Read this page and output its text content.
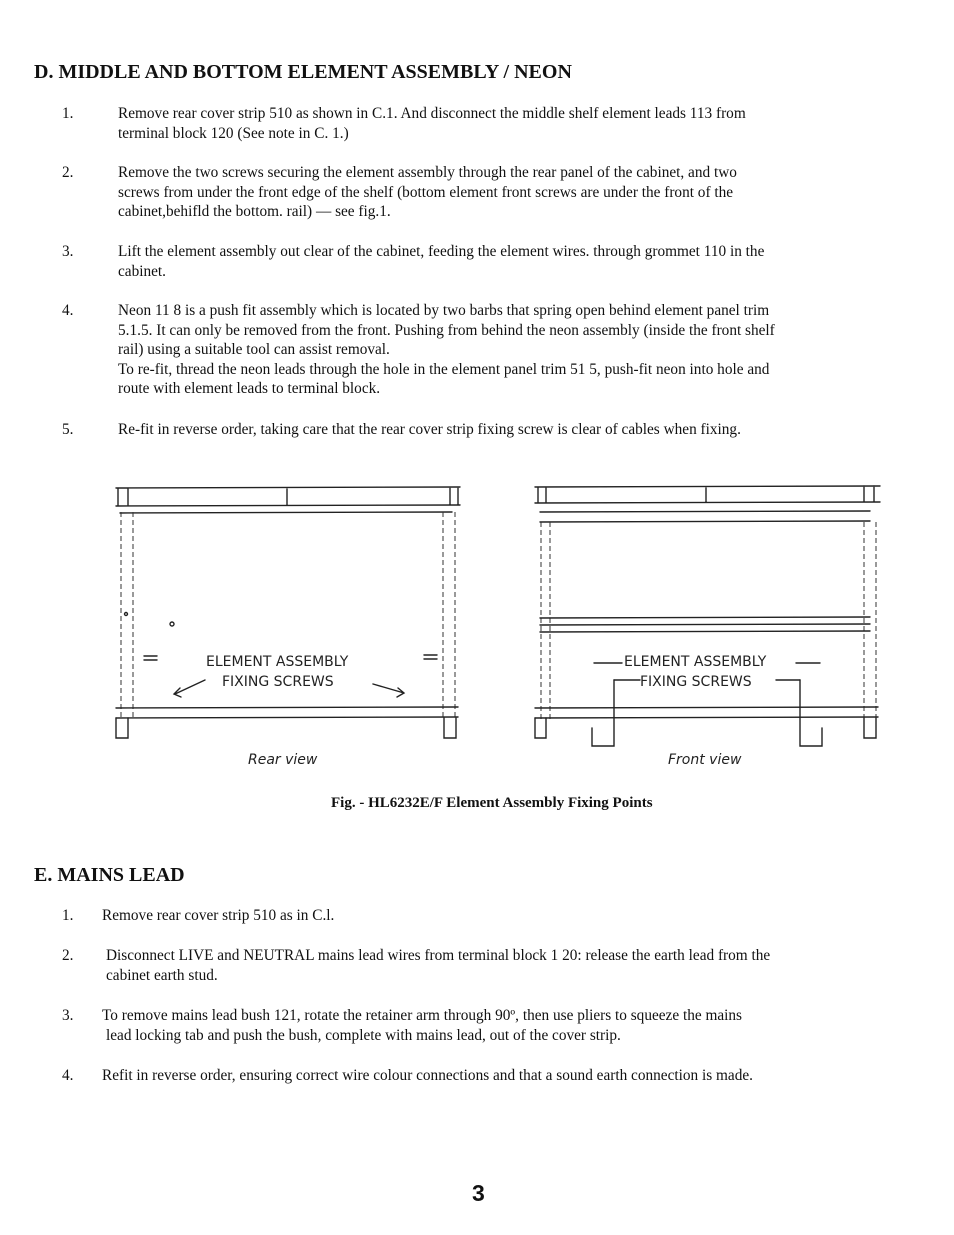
D. MIDDLE AND BOTTOM ELEMENT ASSEMBLY / NEON
1.	Remove rear cover strip 510 as shown in C.1. And disconnect the middle shelf element leads 113 from
terminal block 120 (See note in C. 1.)
2.	Remove the two screws securing the element assembly through the rear panel of the cabinet, and two
screws from under the front edge of the shelf (bottom element front screws are under the front of the
cabinet,behifld the bottom. rail) — see fig.1.
3.	Lift the element assembly out clear of the cabinet, feeding the element wires. through grommet 110 in the
cabinet.
4.	Neon 11 8 is a push fit assembly which is located by two barbs that spring open behind element panel trim
5.1.5. It can only be removed from the front. Pushing from behind the neon assembly (inside the front shelf
rail) using a suitable tool can assist removal.
To re-fit, thread the neon leads through the hole in the element panel trim 51 5, push-fit neon into hole and
route with element leads to terminal block.
5.	Re-fit in reverse order, taking care that the rear cover strip fixing screw is clear of cables when fixing.
ELEMENT ASSEMBLY
FIXING SCREWS
Rear view
ELEMENT ASSEMBLY
FIXING SCREWS
Front view
Fig. - HL6232E/F Element Assembly Fixing Points
E. MAINS LEAD
1. Remove rear cover strip 510 as in C.l.
2. Disconnect LIVE and NEUTRAL mains lead wires from terminal block 1 20: release the earth lead from the
cabinet earth stud.
3. To remove mains lead bush 121, rotate the retainer arm through 90º, then use pliers to squeeze the mains
lead locking tab and push the bush, complete with mains lead, out of the cover strip.
4. Refit in reverse order, ensuring correct wire colour connections and that a sound earth connection is made.
3
